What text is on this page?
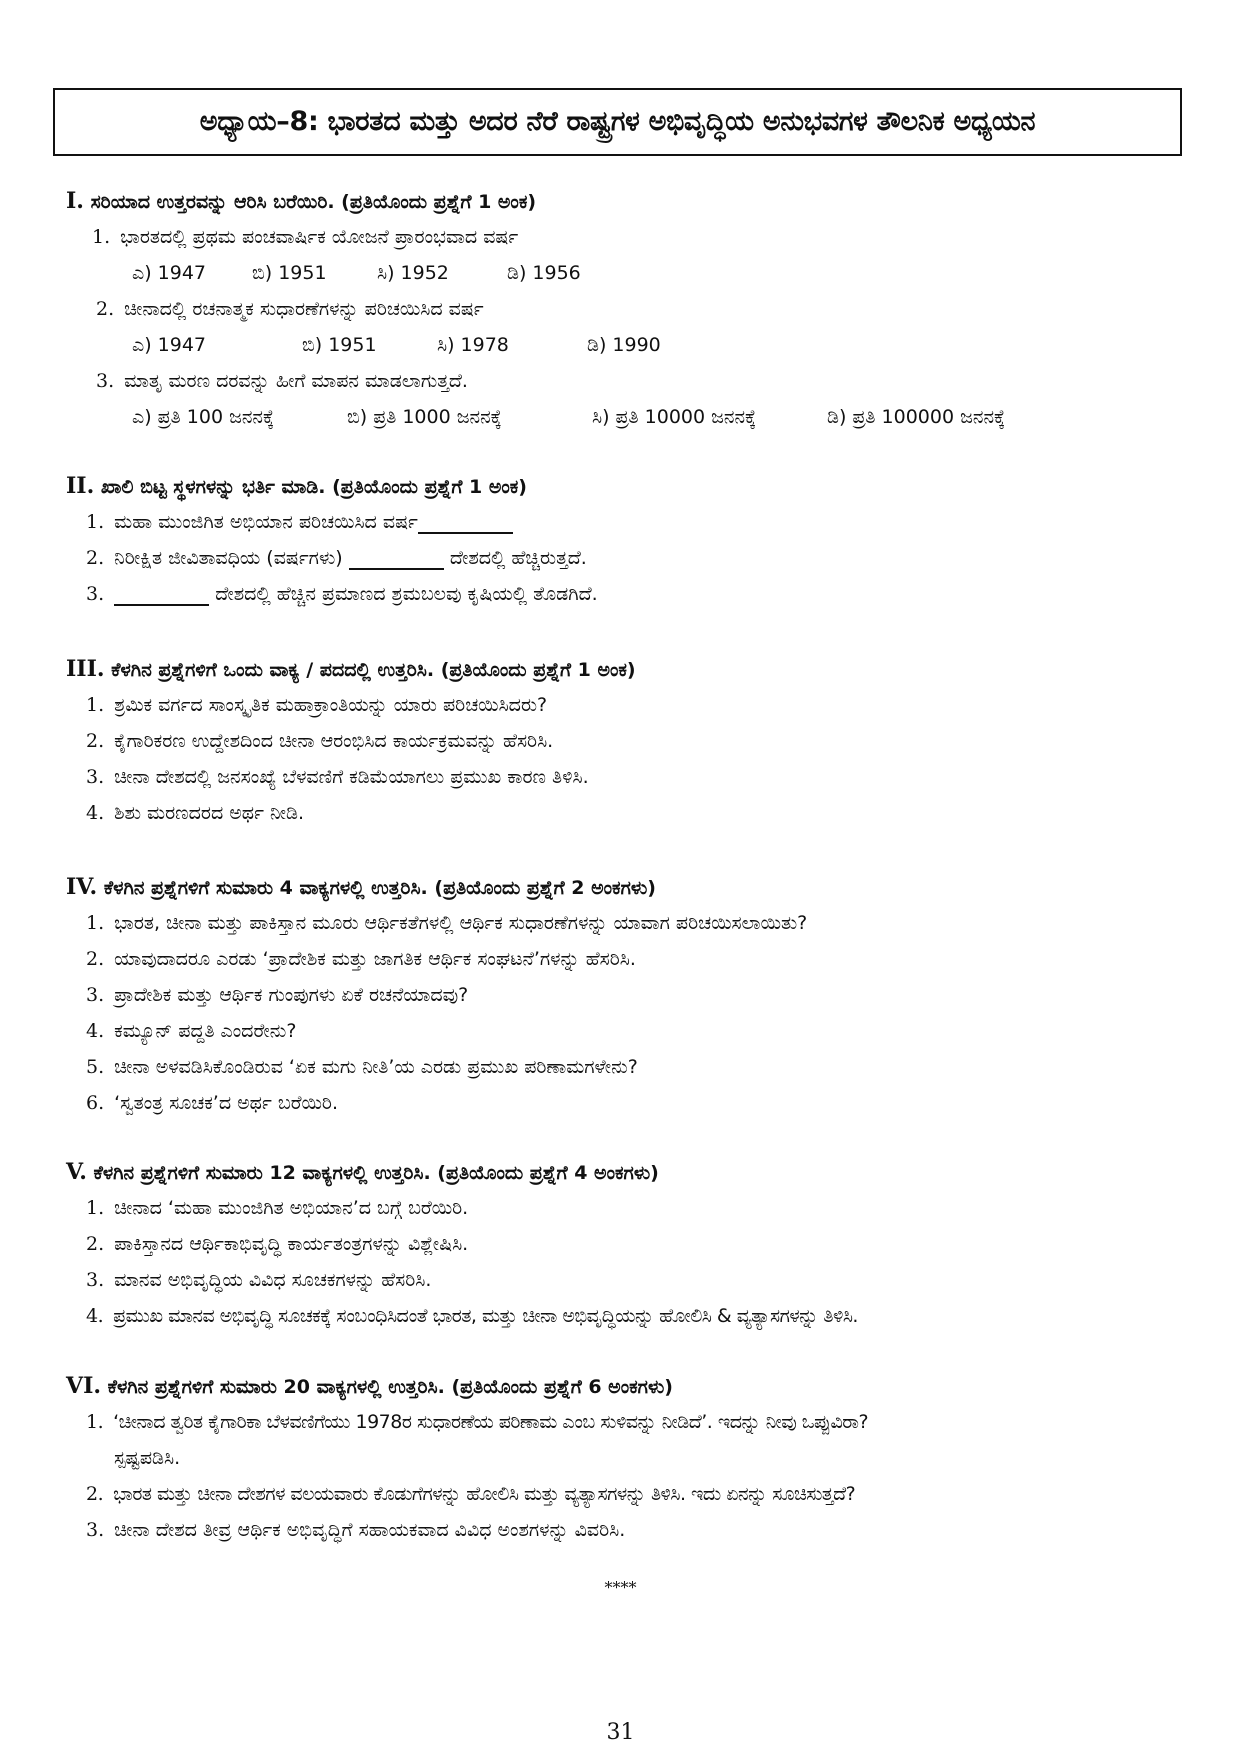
ಅಧ್ಯಾಯ–8: ಭಾರತದ ಮತ್ತು ಅದರ ನೆರೆ ರಾಷ್ಟ್ರಗಳ ಅಭಿವೃದ್ಧಿಯ ಅನುಭವಗಳ ತೌಲನಿಕ ಅಧ್ಯಯನ
I. ಸರಿಯಾದ ಉತ್ತರವನ್ನು ಆರಿಸಿ ಬರೆಯಿರಿ. (ಪ್ರತಿಯೊಂದು ಪ್ರಶ್ನೆಗೆ 1 ಅಂಕ)
1. ಭಾರತದಲ್ಲಿ ಪ್ರಥಮ ಪಂಚವಾರ್ಷಿಕ ಯೋಜನೆ ಪ್ರಾರಂಭವಾದ ವರ್ಷ
ಎ) 1947	ಬಿ) 1951	ಸಿ) 1952	ಡಿ) 1956
2. ಚೀನಾದಲ್ಲಿ ರಚನಾತ್ಮಕ ಸುಧಾರಣೆಗಳನ್ನು ಪರಿಚಯಿಸಿದ ವರ್ಷ
ಎ) 1947	ಬಿ) 1951	ಸಿ) 1978	ಡಿ) 1990
3. ಮಾತೃ ಮರಣ ದರವನ್ನು ಹೀಗೆ ಮಾಪನ ಮಾಡಲಾಗುತ್ತದೆ.
ಎ) ಪ್ರತಿ 100 ಜನನಕ್ಕೆ	ಬಿ) ಪ್ರತಿ 1000 ಜನನಕ್ಕೆ	ಸಿ) ಪ್ರತಿ 10000 ಜನನಕ್ಕೆ	ಡಿ) ಪ್ರತಿ 100000 ಜನನಕ್ಕೆ
II. ಖಾಲಿ ಬಿಟ್ಟ ಸ್ಥಳಗಳನ್ನು ಭರ್ತಿ ಮಾಡಿ. (ಪ್ರತಿಯೊಂದು ಪ್ರಶ್ನೆಗೆ 1 ಅಂಕ)
1. ಮಹಾ ಮುಂಜಿಗಿತ ಅಭಿಯಾನ ಪರಿಚಯಿಸಿದ ವರ್ಷ
2. ನಿರೀಕ್ಷಿತ ಜೀವಿತಾವಧಿಯ (ವರ್ಷಗಳು)	ದೇಶದಲ್ಲಿ ಹೆಚ್ಚಿರುತ್ತದೆ.
3.	ದೇಶದಲ್ಲಿ ಹೆಚ್ಚಿನ ಪ್ರಮಾಣದ ಶ್ರಮಬಲವು ಕೃಷಿಯಲ್ಲಿ ತೊಡಗಿದೆ.
III. ಕೆಳಗಿನ ಪ್ರಶ್ನೆಗಳಿಗೆ ಒಂದು ವಾಕ್ಯ / ಪದದಲ್ಲಿ ಉತ್ತರಿಸಿ. (ಪ್ರತಿಯೊಂದು ಪ್ರಶ್ನೆಗೆ 1 ಅಂಕ)
1. ಶ್ರಮಿಕ ವರ್ಗದ ಸಾಂಸ್ಕೃತಿಕ ಮಹಾಕ್ರಾಂತಿಯನ್ನು ಯಾರು ಪರಿಚಯಿಸಿದರು?
2. ಕೈಗಾರಿಕರಣ ಉದ್ದೇಶದಿಂದ ಚೀನಾ ಆರಂಭಿಸಿದ ಕಾರ್ಯಕ್ರಮವನ್ನು ಹೆಸರಿಸಿ.
3. ಚೀನಾ ದೇಶದಲ್ಲಿ ಜನಸಂಖ್ಯೆ ಬೆಳವಣಿಗೆ ಕಡಿಮೆಯಾಗಲು ಪ್ರಮುಖ ಕಾರಣ ತಿಳಿಸಿ.
4. ಶಿಶು ಮರಣದರದ ಅರ್ಥ ನೀಡಿ.
IV. ಕೆಳಗಿನ ಪ್ರಶ್ನೆಗಳಿಗೆ ಸುಮಾರು 4 ವಾಕ್ಯಗಳಲ್ಲಿ ಉತ್ತರಿಸಿ. (ಪ್ರತಿಯೊಂದು ಪ್ರಶ್ನೆಗೆ 2 ಅಂಕಗಳು)
1. ಭಾರತ, ಚೀನಾ ಮತ್ತು ಪಾಕಿಸ್ತಾನ ಮೂರು ಆರ್ಥಿಕತೆಗಳಲ್ಲಿ ಆರ್ಥಿಕ ಸುಧಾರಣೆಗಳನ್ನು ಯಾವಾಗ ಪರಿಚಯಿಸಲಾಯಿತು?
2. ಯಾವುದಾದರೂ ಎರಡು ‘ಪ್ರಾದೇಶಿಕ ಮತ್ತು ಜಾಗತಿಕ ಆರ್ಥಿಕ ಸಂಘಟನೆ’ಗಳನ್ನು ಹೆಸರಿಸಿ.
3. ಪ್ರಾದೇಶಿಕ ಮತ್ತು ಆರ್ಥಿಕ ಗುಂಪುಗಳು ಏಕೆ ರಚನೆಯಾದವು?
4. ಕಮ್ಯೂನ್ ಪದ್ದತಿ ಎಂದರೇನು?
5. ಚೀನಾ ಅಳವಡಿಸಿಕೊಂಡಿರುವ ‘ಏಕ ಮಗು ನೀತಿ’ಯ ಎರಡು ಪ್ರಮುಖ ಪರಿಣಾಮಗಳೇನು?
6. ‘ಸ್ವತಂತ್ರ ಸೂಚಕ’ದ ಅರ್ಥ ಬರೆಯಿರಿ.
V. ಕೆಳಗಿನ ಪ್ರಶ್ನೆಗಳಿಗೆ ಸುಮಾರು 12 ವಾಕ್ಯಗಳಲ್ಲಿ ಉತ್ತರಿಸಿ. (ಪ್ರತಿಯೊಂದು ಪ್ರಶ್ನೆಗೆ 4 ಅಂಕಗಳು)
1. ಚೀನಾದ ‘ಮಹಾ ಮುಂಜಿಗಿತ ಅಭಿಯಾನ’ದ ಬಗ್ಗೆ ಬರೆಯಿರಿ.
2. ಪಾಕಿಸ್ತಾನದ ಆರ್ಥಿಕಾಭಿವೃದ್ಧಿ ಕಾರ್ಯತಂತ್ರಗಳನ್ನು ವಿಶ್ಲೇಷಿಸಿ.
3. ಮಾನವ ಅಭಿವೃದ್ಧಿಯ ವಿವಿಧ ಸೂಚಕಗಳನ್ನು ಹೆಸರಿಸಿ.
4. ಪ್ರಮುಖ ಮಾನವ ಅಭಿವೃದ್ಧಿ ಸೂಚಕಕ್ಕೆ ಸಂಬಂಧಿಸಿದಂತೆ ಭಾರತ, ಮತ್ತು ಚೀನಾ ಅಭಿವೃದ್ಧಿಯನ್ನು ಹೋಲಿಸಿ & ವ್ಯತ್ಯಾಸಗಳನ್ನು ತಿಳಿಸಿ.
VI. ಕೆಳಗಿನ ಪ್ರಶ್ನೆಗಳಿಗೆ ಸುಮಾರು 20 ವಾಕ್ಯಗಳಲ್ಲಿ ಉತ್ತರಿಸಿ. (ಪ್ರತಿಯೊಂದು ಪ್ರಶ್ನೆಗೆ 6 ಅಂಕಗಳು)
1. ‘ಚೀನಾದ ತ್ವರಿತ ಕೈಗಾರಿಕಾ ಬೆಳವಣಿಗೆಯು 1978ರ ಸುಧಾರಣೆಯ ಪರಿಣಾಮ ಎಂಬ ಸುಳಿವನ್ನು ನೀಡಿದೆ’. ಇದನ್ನು ನೀವು ಒಪ್ಪುವಿರಾ?
ಸ್ಪಷ್ಟಪಡಿಸಿ.
2. ಭಾರತ ಮತ್ತು ಚೀನಾ ದೇಶಗಳ ವಲಯವಾರು ಕೊಡುಗೆಗಳನ್ನು ಹೋಲಿಸಿ ಮತ್ತು ವ್ಯತ್ಯಾಸಗಳನ್ನು ತಿಳಿಸಿ. ಇದು ಏನನ್ನು ಸೂಚಿಸುತ್ತದೆ?
3. ಚೀನಾ ದೇಶದ ತೀವ್ರ ಆರ್ಥಿಕ ಅಭಿವೃದ್ಧಿಗೆ ಸಹಾಯಕವಾದ ವಿವಿಧ ಅಂಶಗಳನ್ನು ವಿವರಿಸಿ.
****
31
